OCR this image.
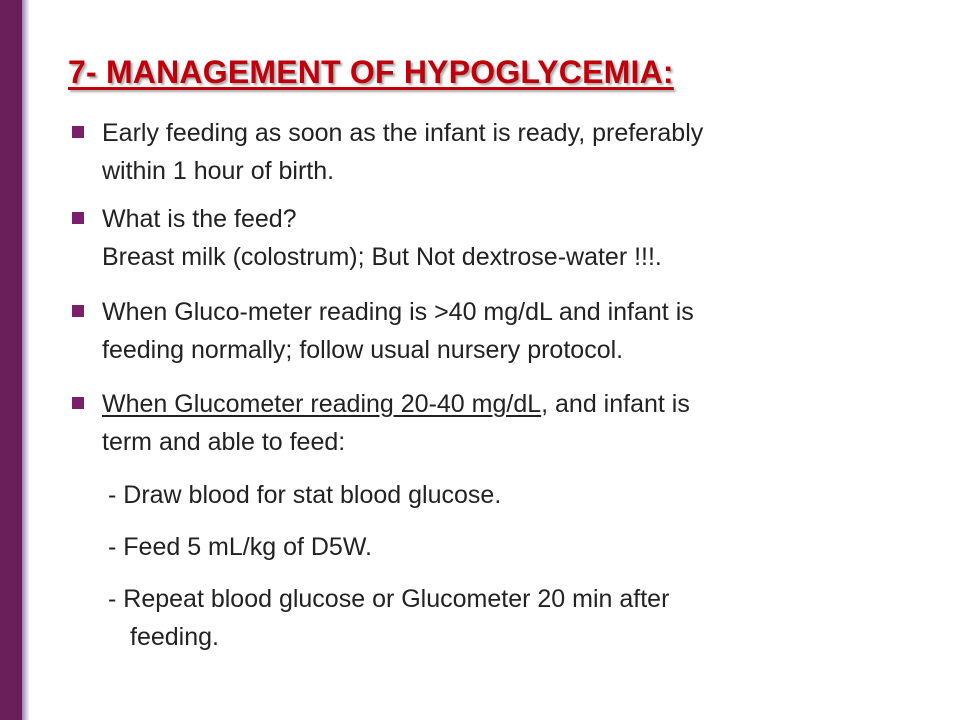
7- MANAGEMENT OF HYPOGLYCEMIA:
Early feeding as soon as the infant is ready, preferably
within 1 hour of birth.
What is the feed?
Breast milk (colostrum); But Not dextrose-water !!!.
When Gluco-meter reading is >40 mg/dL and infant is
feeding normally; follow usual nursery protocol.
When Glucometer reading 20-40 mg/dL, and infant is
term and able to feed:
- Draw blood for stat blood glucose.
- Feed 5 mL/kg of D5W.
- Repeat blood glucose or Glucometer 20 min after
feeding.
